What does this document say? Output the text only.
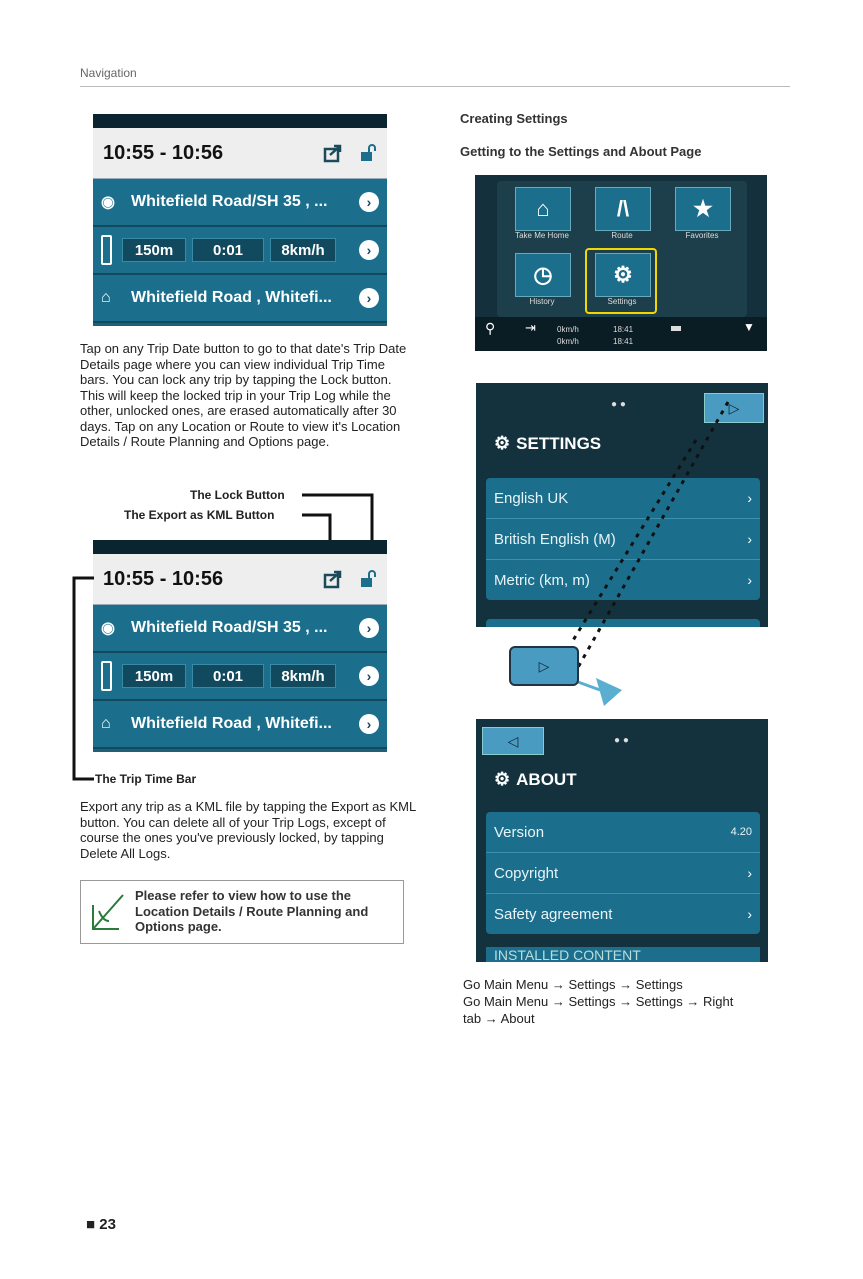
Navigation
10:55 - 10:56
◉	Whitefield Road/SH 35 , ...	›
150m	0:01	8km/h	›
⌂	Whitefield Road , Whitefi...	›
Tap on any Trip Date button to go to that date's Trip Date Details page where you can view individual Trip Time bars. You can lock any trip by tapping the Lock button. This will keep the locked trip in your Trip Log while the other, unlocked ones, are erased automatically after 30 days. Tap on any Location or Route to view it's Location Details / Route Planning and Options page.
The Lock Button
The Export as KML Button
10:55 - 10:56
◉	Whitefield Road/SH 35 , ...	›
150m	0:01	8km/h	›
⌂	Whitefield Road , Whitefi...	›
The Trip Time Bar
Export any trip as a KML file by tapping the Export as KML button. You can delete all of your Trip Logs, except of course the ones you've previously locked, by tapping Delete All Logs.
Please refer to view how to use the Location Details / Route Planning and Options page.
■ 23
Creating Settings
Getting to the Settings and About Page
⌂
Take Me Home
/\
Route
★
Favorites
◷
History
⚙
Settings
⚲ ⇥	0km/h	18:41
0km/h	18:41
▼
● ●	▷
⚙ SETTINGS
English UK	›
British English (M)	›
Metric (km, m)	›
▷
◁	● ●
⚙ ABOUT
Version	4.20
Copyright	›
Safety agreement	›
INSTALLED CONTENT
Go Main Menu → Settings → Settings
Go Main Menu → Settings → Settings → Right
tab → About
